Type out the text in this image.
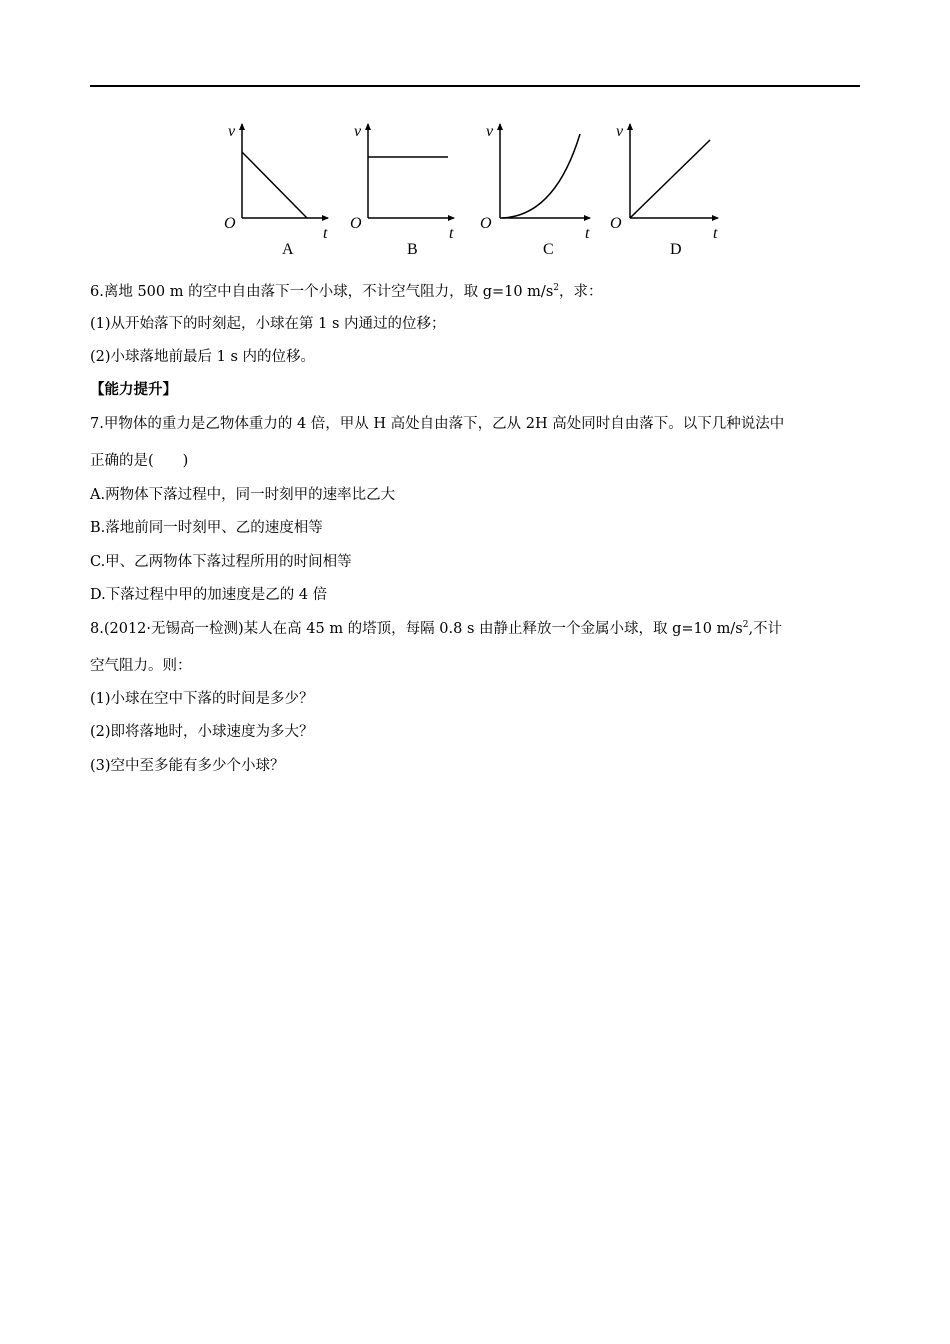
v
O
t
A
v
O
t
B
v
O
t
C
v
O
t
D
6.离地 500 m 的空中自由落下一个小球，不计空气阻力，取 g=10 $m/s^2$，求：
(1)从开始落下的时刻起，小球在第 1 s 内通过的位移；
(2)小球落地前最后 1 s 内的位移。
【能力提升】
7.甲物体的重力是乙物体重力的 4 倍，甲从 H 高处自由落下，乙从 2H 高处同时自由落下。以下几种说法中
正确的是(　　)
A.两物体下落过程中，同一时刻甲的速率比乙大
B.落地前同一时刻甲、乙的速度相等
C.甲、乙两物体下落过程所用的时间相等
D.下落过程中甲的加速度是乙的 4 倍
8.(2012·无锡高一检测)某人在高 45 m 的塔顶，每隔 0.8 s 由静止释放一个金属小球，取 g=10 $m/s^2$,不计
空气阻力。则：
(1)小球在空中下落的时间是多少？
(2)即将落地时，小球速度为多大？
(3)空中至多能有多少个小球？
